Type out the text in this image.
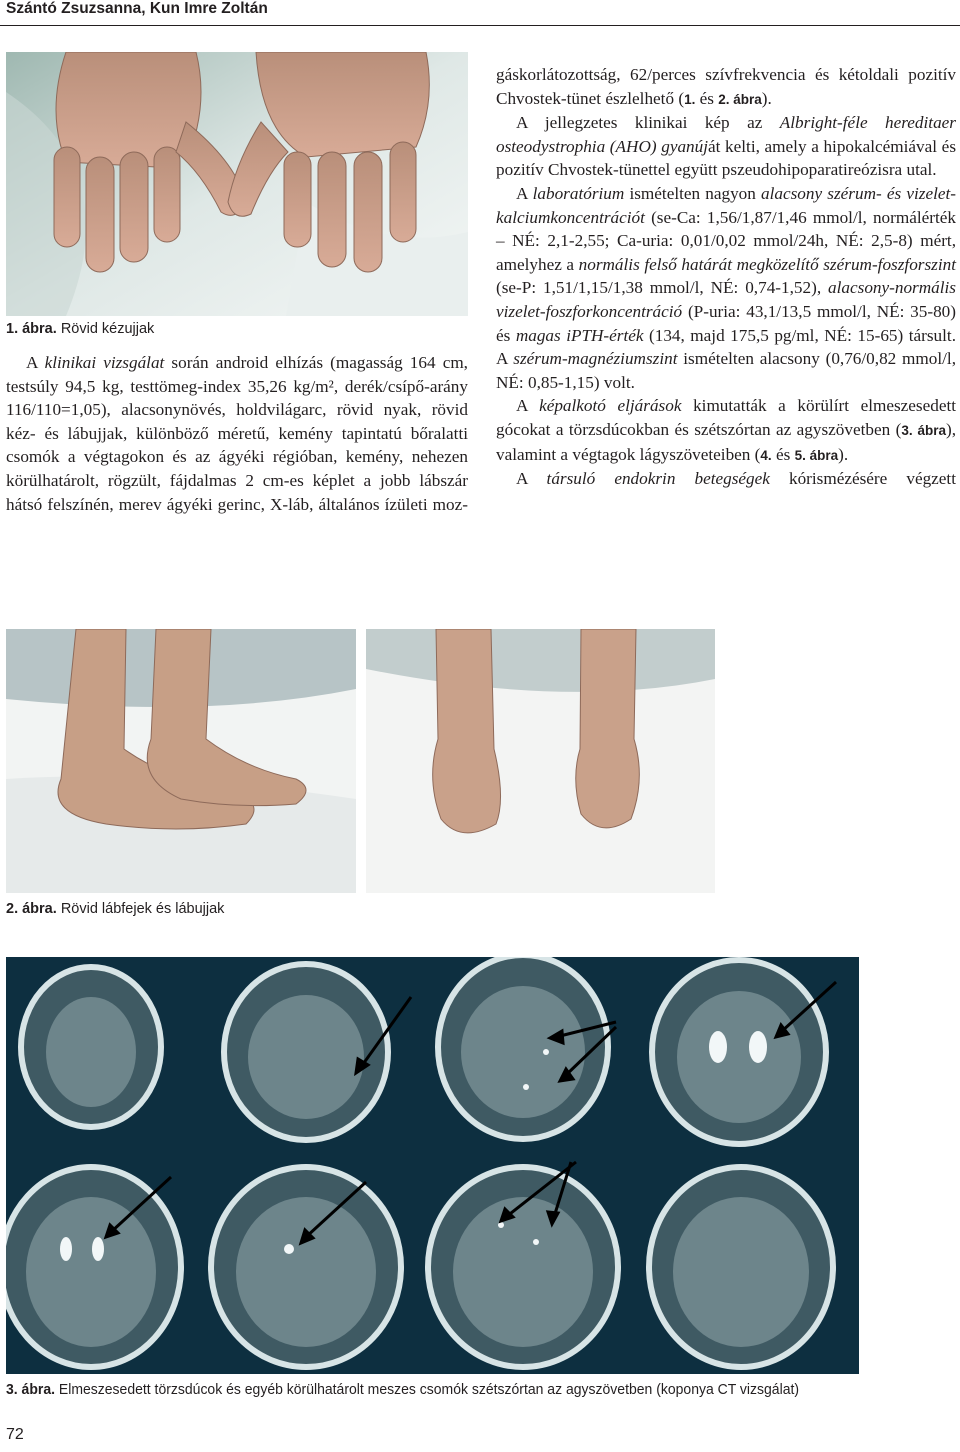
Szántó Zsuzsanna, Kun Imre Zoltán
1. ábra. Rövid kézujjak

A klinikai vizsgálat során android elhízás (magasság 164 cm, testsúly 94,5 kg, testtömeg-index 35,26 kg/m², derék/csípő-arány 116/110=1,05), alacsonynövés, holdvilágarc, rövid nyak, rövid kéz- és lábujjak, különböző méretű, kemény tapintatú bőralatti csomók a végtagokon és az ágyéki régióban, kemény, nehezen körülhatárolt, rögzült, fájdalmas 2 cm-es képlet a jobb lábszár hátsó felszínén, merev ágyéki gerinc, X-láb, általános ízületi moz-

gáskorlátozottság, 62/perces szívfrekvencia és kétoldali pozitív Chvostek-tünet észlelhető (1. és 2. ábra).

A jellegzetes klinikai kép az Albright-féle hereditaer osteodystrophia (AHO) gyanúját kelti, amely a hipokalcémiával és pozitív Chvostek-tünettel együtt pszeudohipoparatireózisra utal.

A laboratórium ismételten nagyon alacsony szérum- és vizelet-kalciumkoncentrációt (se-Ca: 1,56/1,87/1,46 mmol/l, normálérték – NÉ: 2,1-2,55; Ca-uria: 0,01/0,02 mmol/24h, NÉ: 2,5-8) mért, amelyhez a normális felső határát megközelítő szérum-foszforszint (se-P: 1,51/1,15/1,38 mmol/l, NÉ: 0,74-1,52), alacsony-normális vizelet-foszforkoncentráció (P-uria: 43,1/13,5 mmol/l, NÉ: 35-80) és magas iPTH-érték (134, majd 175,5 pg/ml, NÉ: 15-65) társult. A szérum-magnéziumszint ismételten alacsony (0,76/0,82 mmol/l, NÉ: 0,85-1,15) volt.

A képalkotó eljárások kimutatták a körülírt elmeszesedett gócokat a törzsdúcokban és szétszórtan az agyszövetben (3. ábra), valamint a végtagok lágyszöveteiben (4. és 5. ábra).

A társuló endokrin betegségek kórismézésére végzett

2. ábra. Rövid lábfejek és lábujjak
3. ábra. Elmeszesedett törzsdúcok és egyéb körülhatárolt meszes csomók szétszórtan az agyszövetben (koponya CT vizsgálat)
72
